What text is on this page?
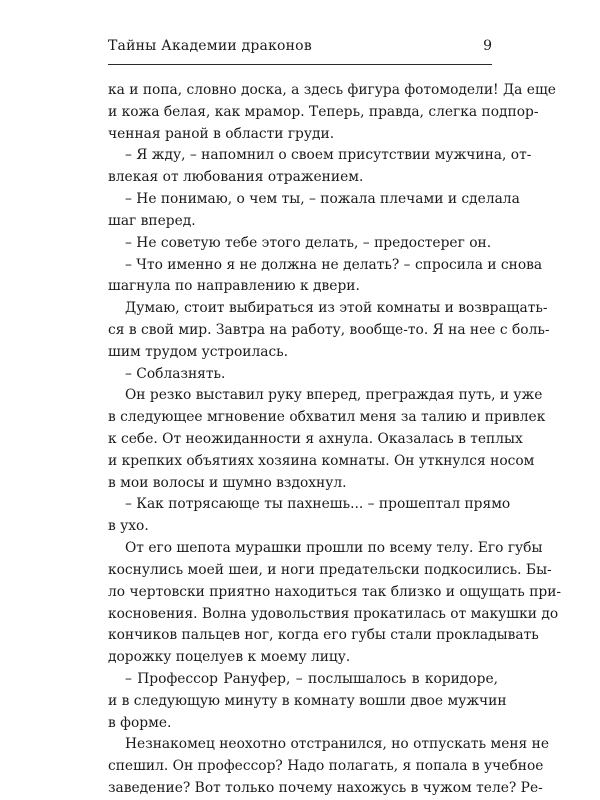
Тайны Академии драконов	9
ка и попа, словно доска, а здесь фигура фотомодели! Да еще
и кожа белая, как мрамор. Теперь, правда, слегка подпор-
ченная раной в области груди.
– Я жду, – напомнил о своем присутствии мужчина, от-
влекая от любования отражением.
– Не понимаю, о чем ты, – пожала плечами и сделала
шаг вперед.
– Не советую тебе этого делать, – предостерег он.
– Что именно я не должна не делать? – спросила и снова
шагнула по направлению к двери.
Думаю, стоит выбираться из этой комнаты и возвращать-
ся в свой мир. Завтра на работу, вообще-то. Я на нее с боль-
шим трудом устроилась.
– Соблазнять.
Он резко выставил руку вперед, преграждая путь, и уже
в следующее мгновение обхватил меня за талию и привлек
к себе. От неожиданности я ахнула. Оказалась в теплых
и крепких объятиях хозяина комнаты. Он уткнулся носом
в мои волосы и шумно вздохнул.
– Как потрясающе ты пахнешь... – прошептал прямо
в ухо.
От его шепота мурашки прошли по всему телу. Его губы
коснулись моей шеи, и ноги предательски подкосились. Бы-
ло чертовски приятно находиться так близко и ощущать при-
косновения. Волна удовольствия прокатилась от макушки до
кончиков пальцев ног, когда его губы стали прокладывать
дорожку поцелуев к моему лицу.
– Профессор Рануфер, – послышалось в коридоре,
и в следующую минуту в комнату вошли двое мужчин
в форме.
Незнакомец неохотно отстранился, но отпускать меня не
спешил. Он профессор? Надо полагать, я попала в учебное
заведение? Вот только почему нахожусь в чужом теле? Ре-
